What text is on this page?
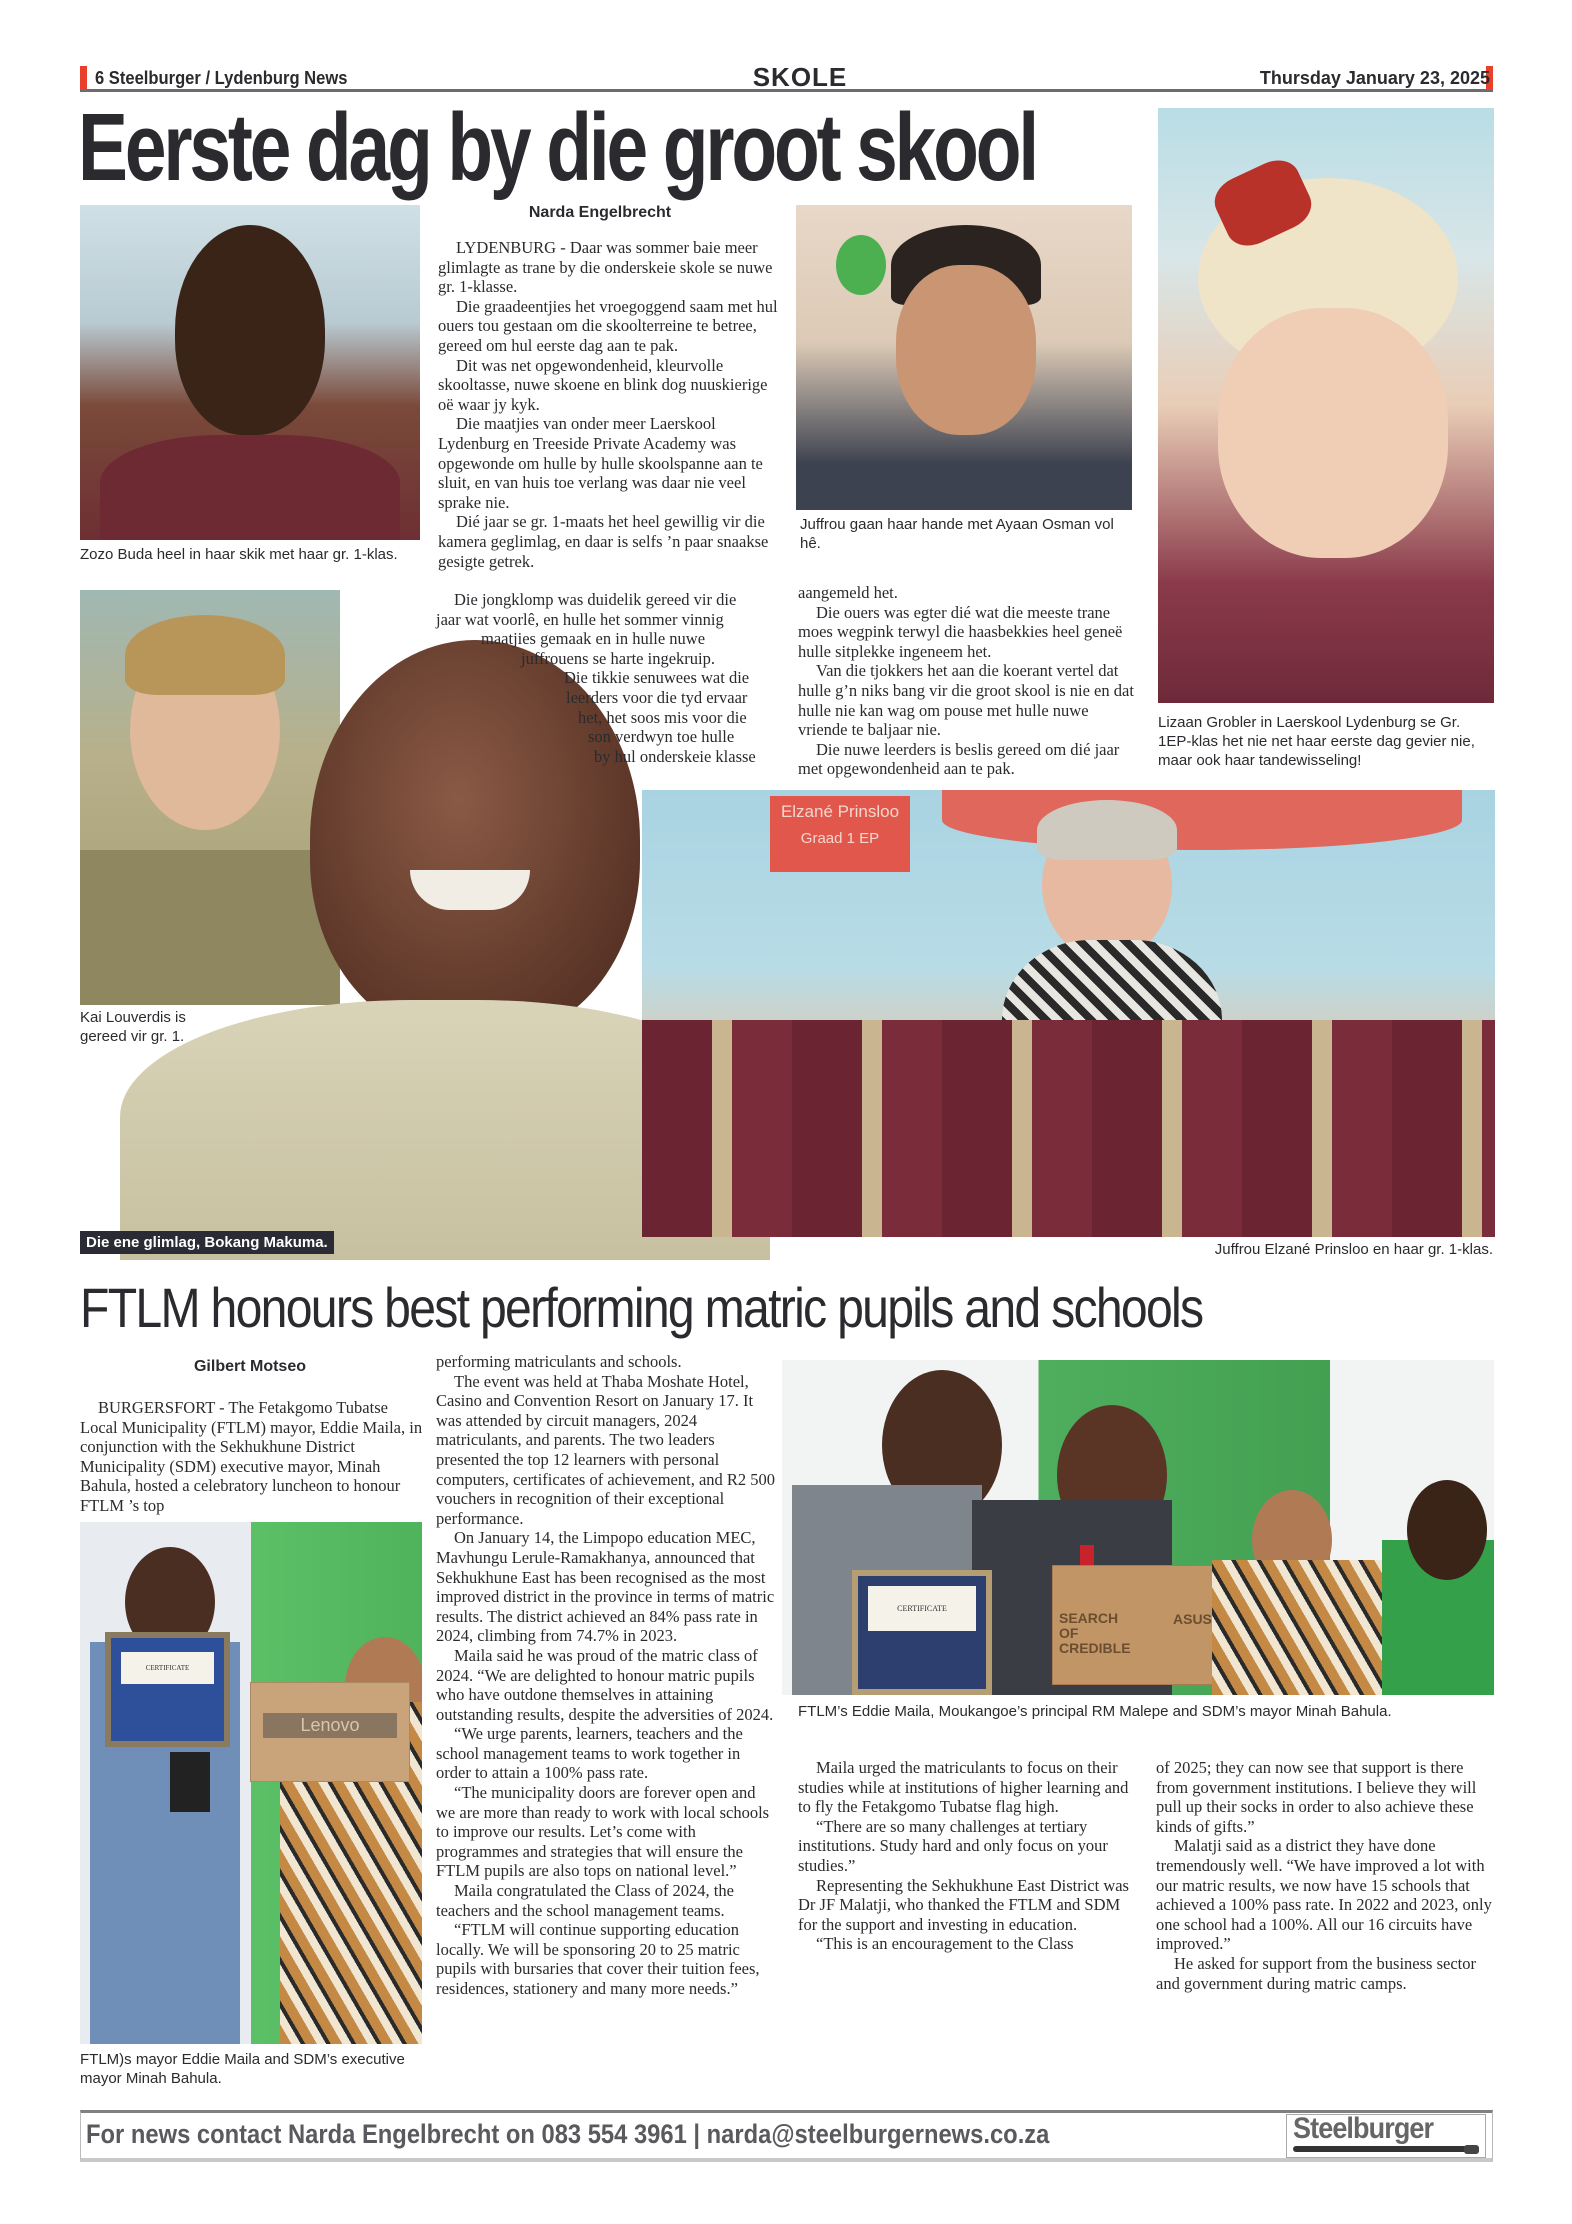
6 Steelburger / Lydenburg News	SKOLE	Thursday January 23, 2025
Eerste dag by die groot skool
Zozo Buda heel in haar skik met haar gr. 1-klas.
Kai Louverdis is gereed vir gr. 1.
Die ene glimlag, Bokang Makuma.
Narda Engelbrecht

LYDENBURG - Daar was sommer baie meer glimlagte as trane by die onderskeie skole se nuwe gr. 1-klasse.

Die graadeentjies het vroegoggend saam met hul ouers tou gestaan om die skoolterreine te betree, gereed om hul eerste dag aan te pak.

Dit was net opgewondenheid, kleurvolle skooltasse, nuwe skoene en blink dog nuuskierige oë waar jy kyk.

Die maatjies van onder meer Laerskool Lydenburg en Treeside Private Academy was opgewonde om hulle by hulle skoolspanne aan te sluit, en van huis toe verlang was daar nie veel sprake nie.

Dié jaar se gr. 1-maats het heel gewillig vir die kamera geglimlag, en daar is selfs ’n paar snaakse gesigte getrek.

Die jongklomp was duidelik gereed vir die
jaar wat voorlê, en hulle het sommer vinnig
maatjies gemaak en in hulle nuwe
juffrouens se harte ingekruip.
Die tikkie senuwees wat die
leerders voor die tyd ervaar
het, het soos mis voor die
son verdwyn toe hulle
by hul onderskeie klasse
Juffrou gaan haar hande met Ayaan Osman vol hê.

aangemeld het.

Die ouers was egter dié wat die meeste trane moes wegpink terwyl die haasbekkies heel geneë hulle sitplekke ingeneem het.

Van die tjokkers het aan die koerant vertel dat hulle g’n niks bang vir die groot skool is nie en dat hulle nie kan wag om pouse met hulle nuwe vriende te baljaar nie.

Die nuwe leerders is beslis gereed om dié jaar met opgewondenheid aan te pak.

Lizaan Grobler in Laerskool Lydenburg se Gr. 1EP-klas het nie net haar eerste dag gevier nie, maar ook haar tandewisseling!
Elzané Prinsloo
Graad 1 EP
Juffrou Elzané Prinsloo en haar gr. 1-klas.
FTLM honours best performing matric pupils and schools
Gilbert Motseo

BURGERSFORT - The Fetakgomo Tubatse Local Municipality (FTLM) mayor, Eddie Maila, in conjunction with the Sekhukhune District Municipality (SDM) executive mayor, Minah Bahula, hosted a celebratory luncheon to honour FTLM ’s top

CERTIFICATE
Lenovo
FTLM)s mayor Eddie Maila and SDM’s executive mayor Minah Bahula.

performing matriculants and schools.

The event was held at Thaba Moshate Hotel, Casino and Convention Resort on January 17. It was attended by circuit managers, 2024 matriculants, and parents. The two leaders presented the top 12 learners with personal computers, certificates of achievement, and R2 500 vouchers in recognition of their exceptional performance.

On January 14, the Limpopo education MEC, Mavhungu Lerule-Ramakhanya, announced that Sekhukhune East has been recognised as the most improved district in the province in terms of matric results. The district achieved an 84% pass rate in 2024, climbing from 74.7% in 2023.

Maila said he was proud of the matric class of 2024. “We are delighted to honour matric pupils who have outdone themselves in attaining outstanding results, despite the adversities of 2024.

“We urge parents, learners, teachers and the school management teams to work together in order to attain a 100% pass rate.

“The municipality doors are forever open and we are more than ready to work with local schools to improve our results. Let’s come with programmes and strategies that will ensure the FTLM pupils are also tops on national level.”

Maila congratulated the Class of 2024, the teachers and the school management teams.

“FTLM will continue supporting education locally. We will be sponsoring 20 to 25 matric pupils with bursaries that cover their tuition fees, residences, stationery and many more needs.”

CERTIFICATE
SEARCH OF CREDIBLE
ASUS
FTLM’s Eddie Maila, Moukangoe’s principal RM Malepe and SDM’s mayor Minah Bahula.

Maila urged the matriculants to focus on their studies while at institutions of higher learning and to fly the Fetakgomo Tubatse flag high.

“There are so many challenges at tertiary institutions. Study hard and only focus on your studies.”

Representing the Sekhukhune East District was Dr JF Malatji, who thanked the FTLM and SDM for the support and investing in education.

“This is an encouragement to the Class

of 2025; they can now see that support is there from government institutions. I believe they will pull up their socks in order to also achieve these kinds of gifts.”

Malatji said as a district they have done tremendously well. “We have improved a lot with our matric results, we now have 15 schools that achieved a 100% pass rate. In 2022 and 2023, only one school had a 100%. All our 16 circuits have improved.”

He asked for support from the business sector and government during matric camps.

For news contact Narda Engelbrecht on 083 554 3961 | narda@steelburgernews.co.za	Steelburger
